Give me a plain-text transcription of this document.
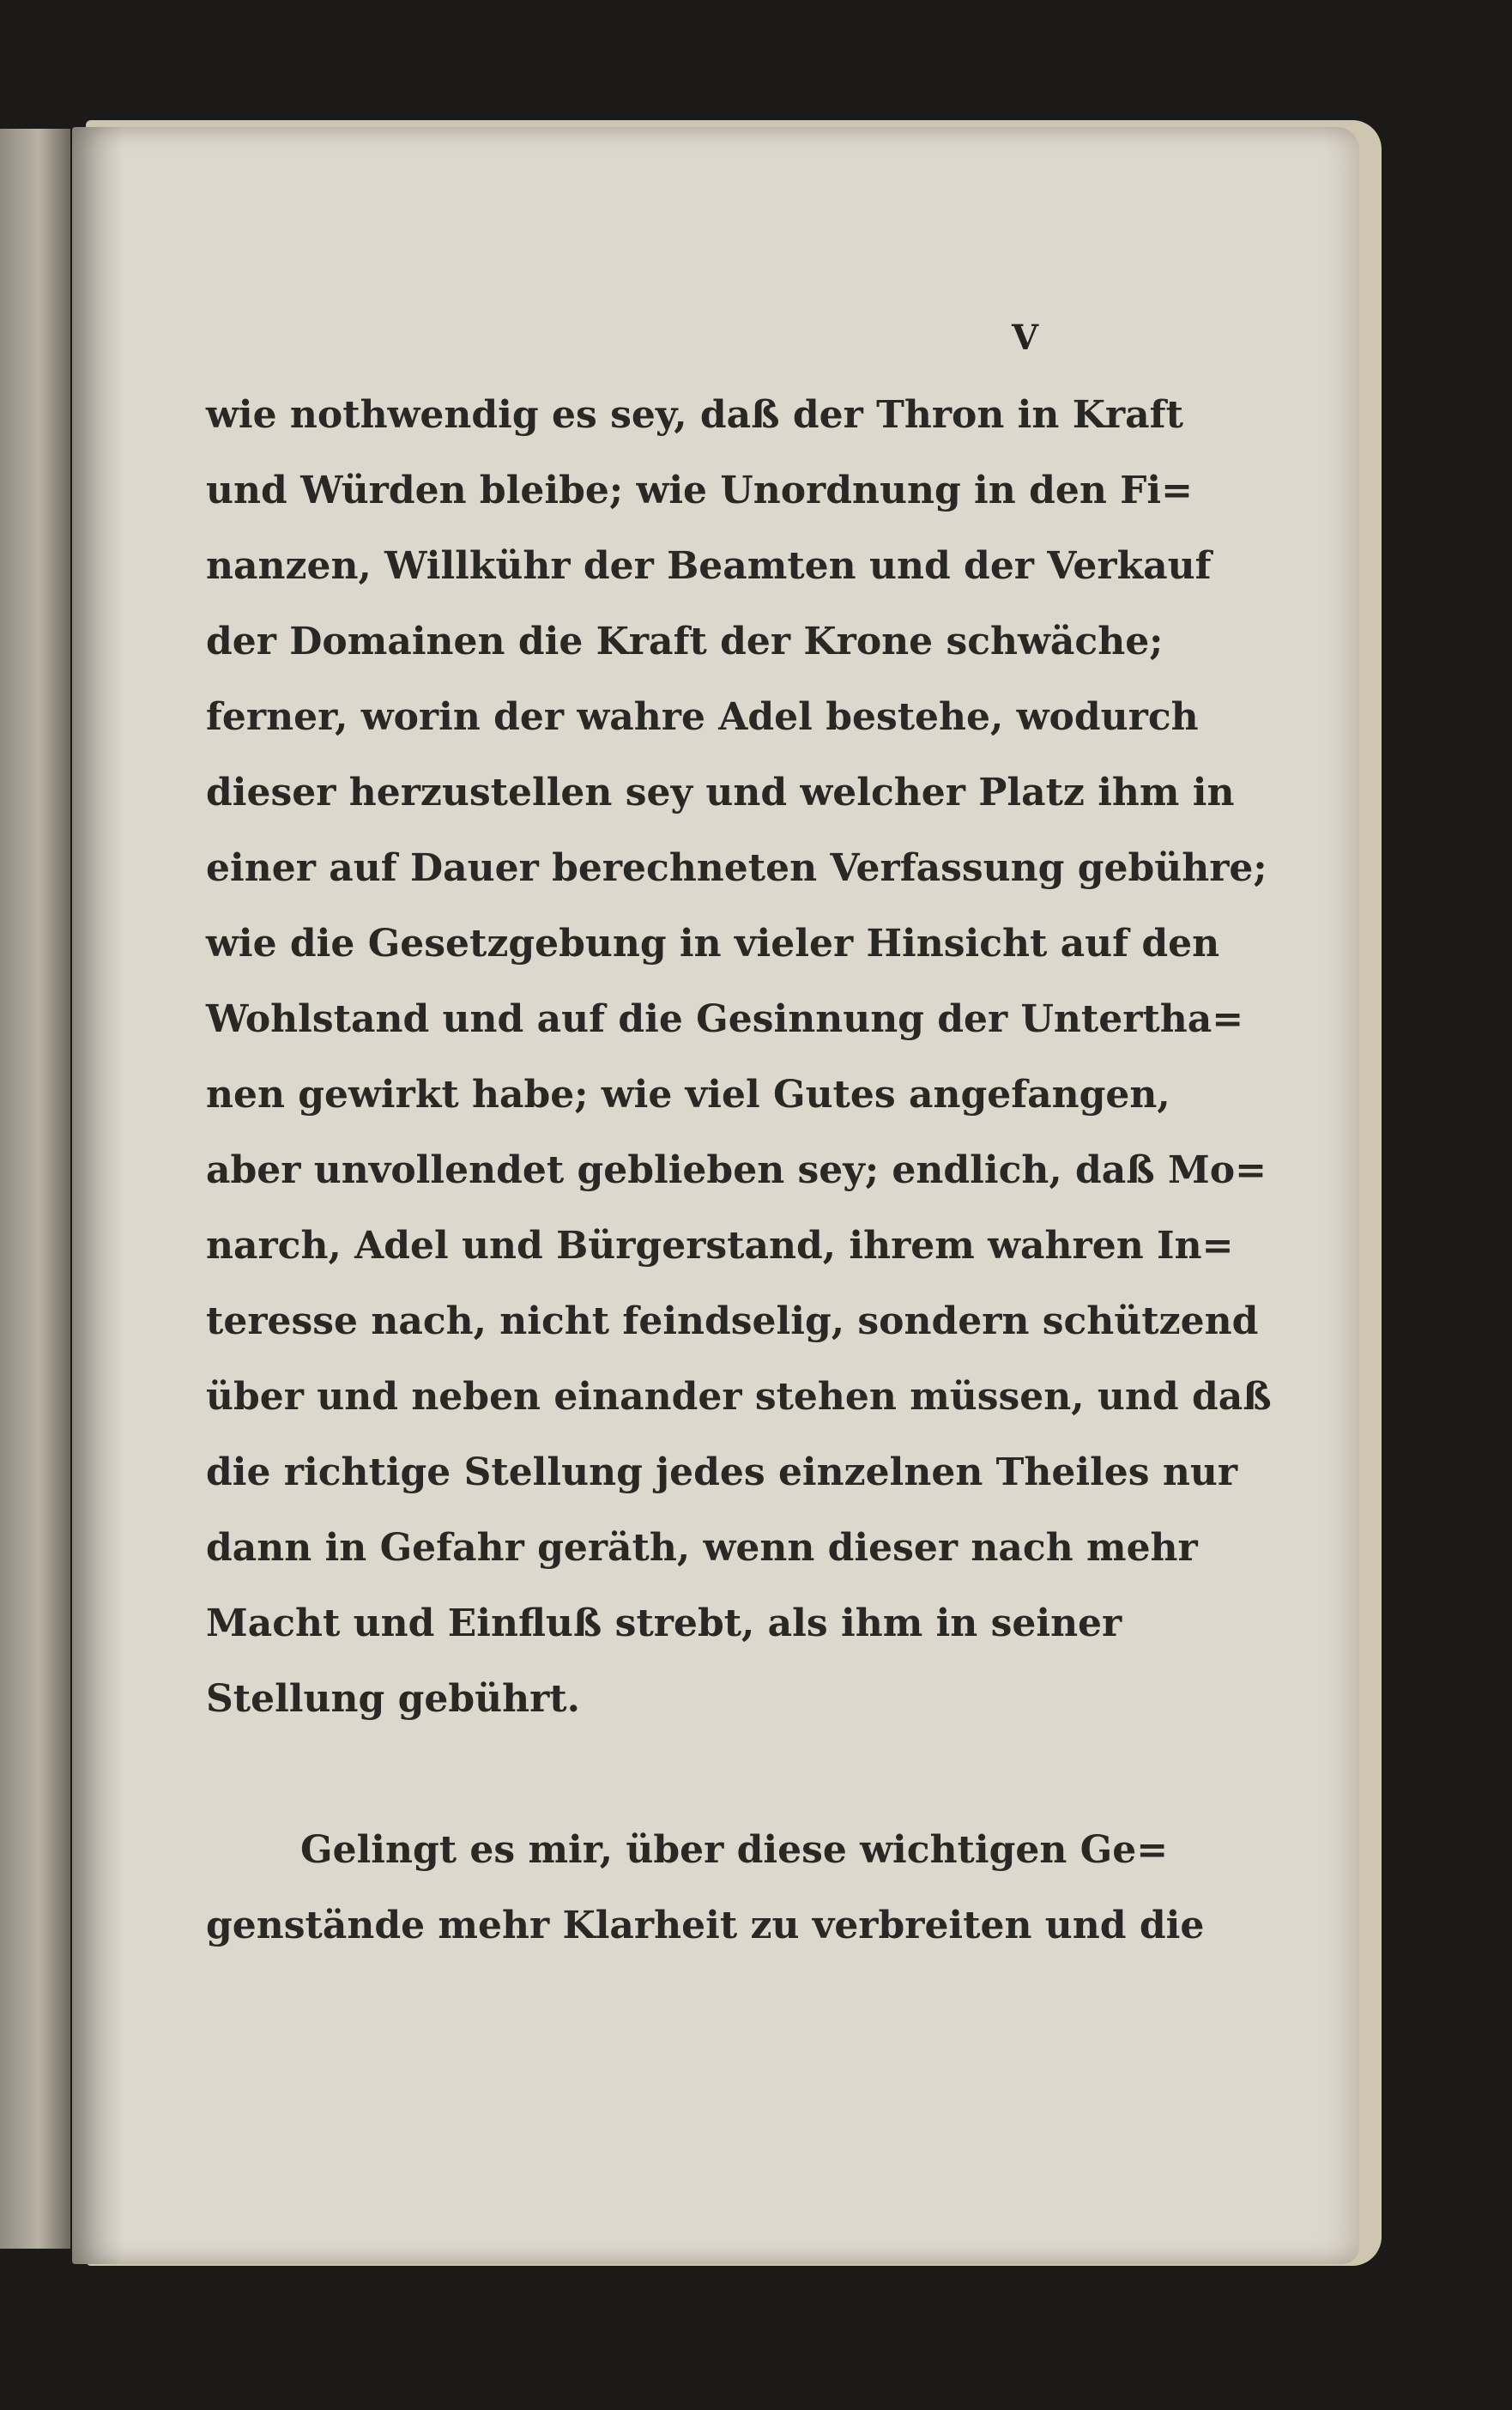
V
wie nothwendig es sey, daß der Thron in Kraft
und Würden bleibe; wie Unordnung in den Fi=
nanzen, Willkühr der Beamten und der Verkauf
der Domainen die Kraft der Krone schwäche;
ferner, worin der wahre Adel bestehe, wodurch
dieser herzustellen sey und welcher Platz ihm in
einer auf Dauer berechneten Verfassung gebühre;
wie die Gesetzgebung in vieler Hinsicht auf den
Wohlstand und auf die Gesinnung der Untertha=
nen gewirkt habe; wie viel Gutes angefangen,
aber unvollendet geblieben sey; endlich, daß Mo=
narch, Adel und Bürgerstand, ihrem wahren In=
teresse nach, nicht feindselig, sondern schützend
über und neben einander stehen müssen, und daß
die richtige Stellung jedes einzelnen Theiles nur
dann in Gefahr geräth, wenn dieser nach mehr
Macht und Einfluß strebt, als ihm in seiner
Stellung gebührt.
Gelingt es mir, über diese wichtigen Ge=
genstände mehr Klarheit zu verbreiten und die
